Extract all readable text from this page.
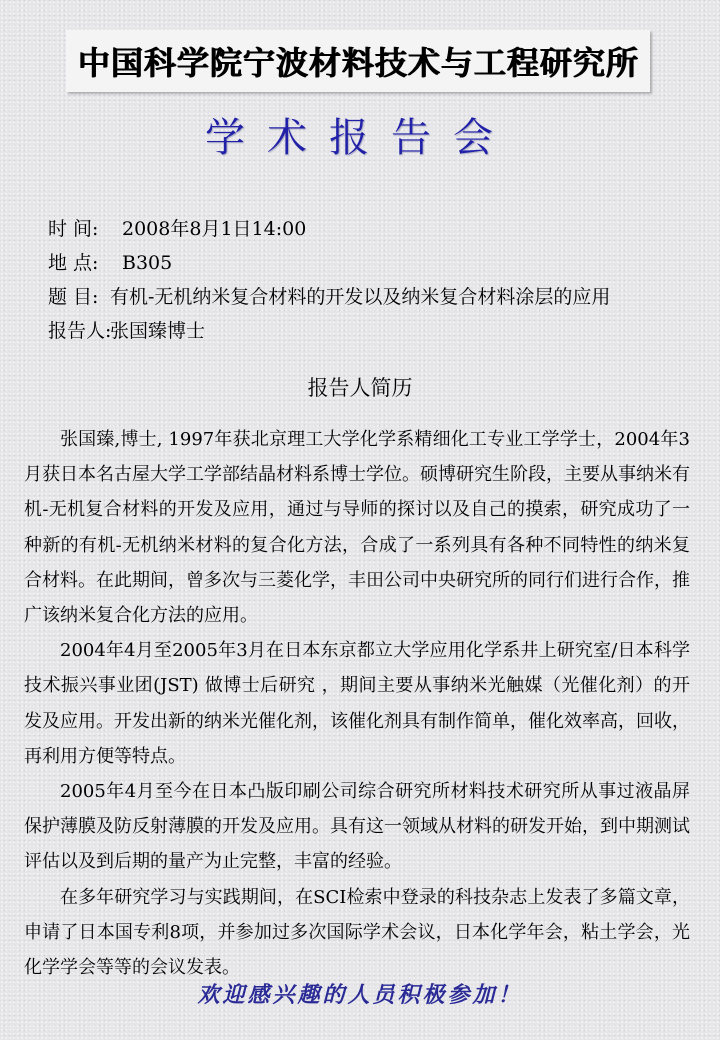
中国科学院宁波材料技术与工程研究所
学术报告会
时 间:	2008年8月1日14:00
地 点:	B305
题 目: 有机-无机纳米复合材料的开发以及纳米复合材料涂层的应用
报告人:
张国臻博士
报告人简历

张国臻,博士, 1997年获北京理工大学化学系精细化工专业工学学士，2004年3月获日本名古屋大学工学部结晶材料系博士学位。硕博研究生阶段，主要从事纳米有机-无机复合材料的开发及应用，通过与导师的探讨以及自己的摸索，研究成功了一种新的有机-无机纳米材料的复合化方法，合成了一系列具有各种不同特性的纳米复合材料。在此期间，曾多次与三菱化学，丰田公司中央研究所的同行们进行合作，推广该纳米复合化方法的应用。

2004年4月至2005年3月在日本东京都立大学应用化学系井上研究室/日本科学技术振兴事业团(JST) 做博士后研究 ，期间主要从事纳米光触媒（光催化剂）的开发及应用。开发出新的纳米光催化剂，该催化剂具有制作简单，催化效率高，回收，再利用方便等特点。

2005年4月至今在日本凸版印刷公司综合研究所材料技术研究所从事过液晶屏保护薄膜及防反射薄膜的开发及应用。具有这一领域从材料的研发开始，到中期测试评估以及到后期的量产为止完整，丰富的经验。

在多年研究学习与实践期间，在SCI检索中登录的科技杂志上发表了多篇文章，申请了日本国专利8项，并参加过多次国际学术会议，日本化学年会，粘土学会，光化学学会等等的会议发表。

欢迎感兴趣的人员积极参加！
